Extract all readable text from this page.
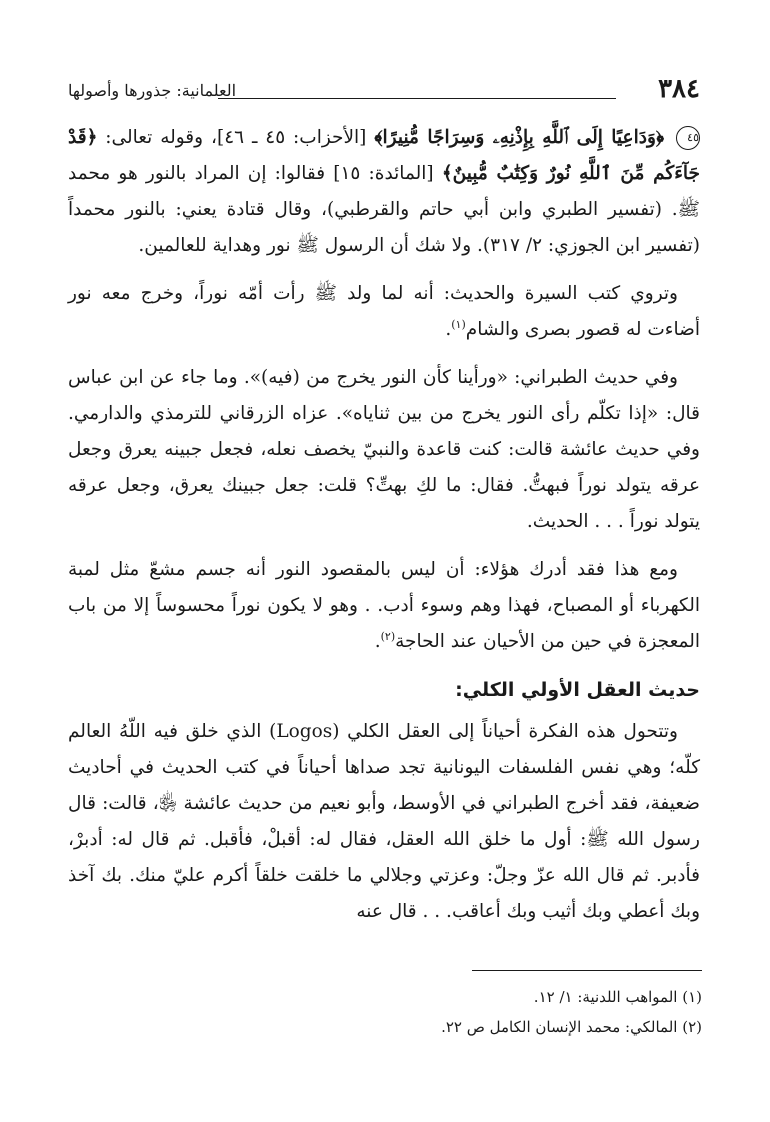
٣٨٤
العلمانية: جذورها وأصولها

٤٥ ﴿وَدَاعِيًا إِلَى ٱللَّهِ بِإِذْنِهِۦ وَسِرَاجًا مُّنِيرًا﴾ [الأحزاب: ٤٥ ـ ٤٦]، وقوله تعالى: ﴿قَدْ جَآءَكُم مِّنَ ٱللَّهِ نُورٌ وَكِتَٰبٌ مُّبِينٌ﴾ [المائدة: ١٥] فقالوا: إن المراد بالنور هو محمد ﷺ. (تفسير الطبري وابن أبي حاتم والقرطبي)، وقال قتادة يعني: بالنور محمداً (تفسير ابن الجوزي: ٢/ ٣١٧). ولا شك أن الرسول ﷺ نور وهداية للعالمين.

وتروي كتب السيرة والحديث: أنه لما ولد ﷺ رأت أمّه نوراً، وخرج معه نور أضاءت له قصور بصرى والشام$^{(١)}$.

وفي حديث الطبراني: «ورأينا كأن النور يخرج من (فيه)». وما جاء عن ابن عباس قال: «إذا تكلّم رأى النور يخرج من بين ثناياه». عزاه الزرقاني للترمذي والدارمي. وفي حديث عائشة قالت: كنت قاعدة والنبيّ يخصف نعله، فجعل جبينه يعرق وجعل عرقه يتولد نوراً فبهتُّ. فقال: ما لكِ بهتِّ؟ قلت: جعل جبينك يعرق، وجعل عرقه يتولد نوراً . . . الحديث.

ومع هذا فقد أدرك هؤلاء: أن ليس بالمقصود النور أنه جسم مشعّ مثل لمبة الكهرباء أو المصباح، فهذا وهم وسوء أدب. . وهو لا يكون نوراً محسوساً إلا من باب المعجزة في حين من الأحيان عند الحاجة$^{(٢)}$.

حديث العقل الأولي الكلي:

وتتحول هذه الفكرة أحياناً إلى العقل الكلي (Logos) الذي خلق فيه اللّهُ العالم كلّه؛ وهي نفس الفلسفات اليونانية تجد صداها أحياناً في كتب الحديث في أحاديث ضعيفة، فقد أخرج الطبراني في الأوسط، وأبو نعيم من حديث عائشة ﵂، قالت: قال رسول الله ﷺ: أول ما خلق الله العقل، فقال له: أقبلْ، فأقبل. ثم قال له: أدبرْ، فأدبر. ثم قال الله عزّ وجلّ: وعزتي وجلالي ما خلقت خلقاً أكرم عليّ منك. بك آخذ وبك أعطي وبك أثيب وبك أعاقب. . . قال عنه

(١) المواهب اللدنية: ١/ ١٢.
(٢) المالكي: محمد الإنسان الكامل ص ٢٢.
